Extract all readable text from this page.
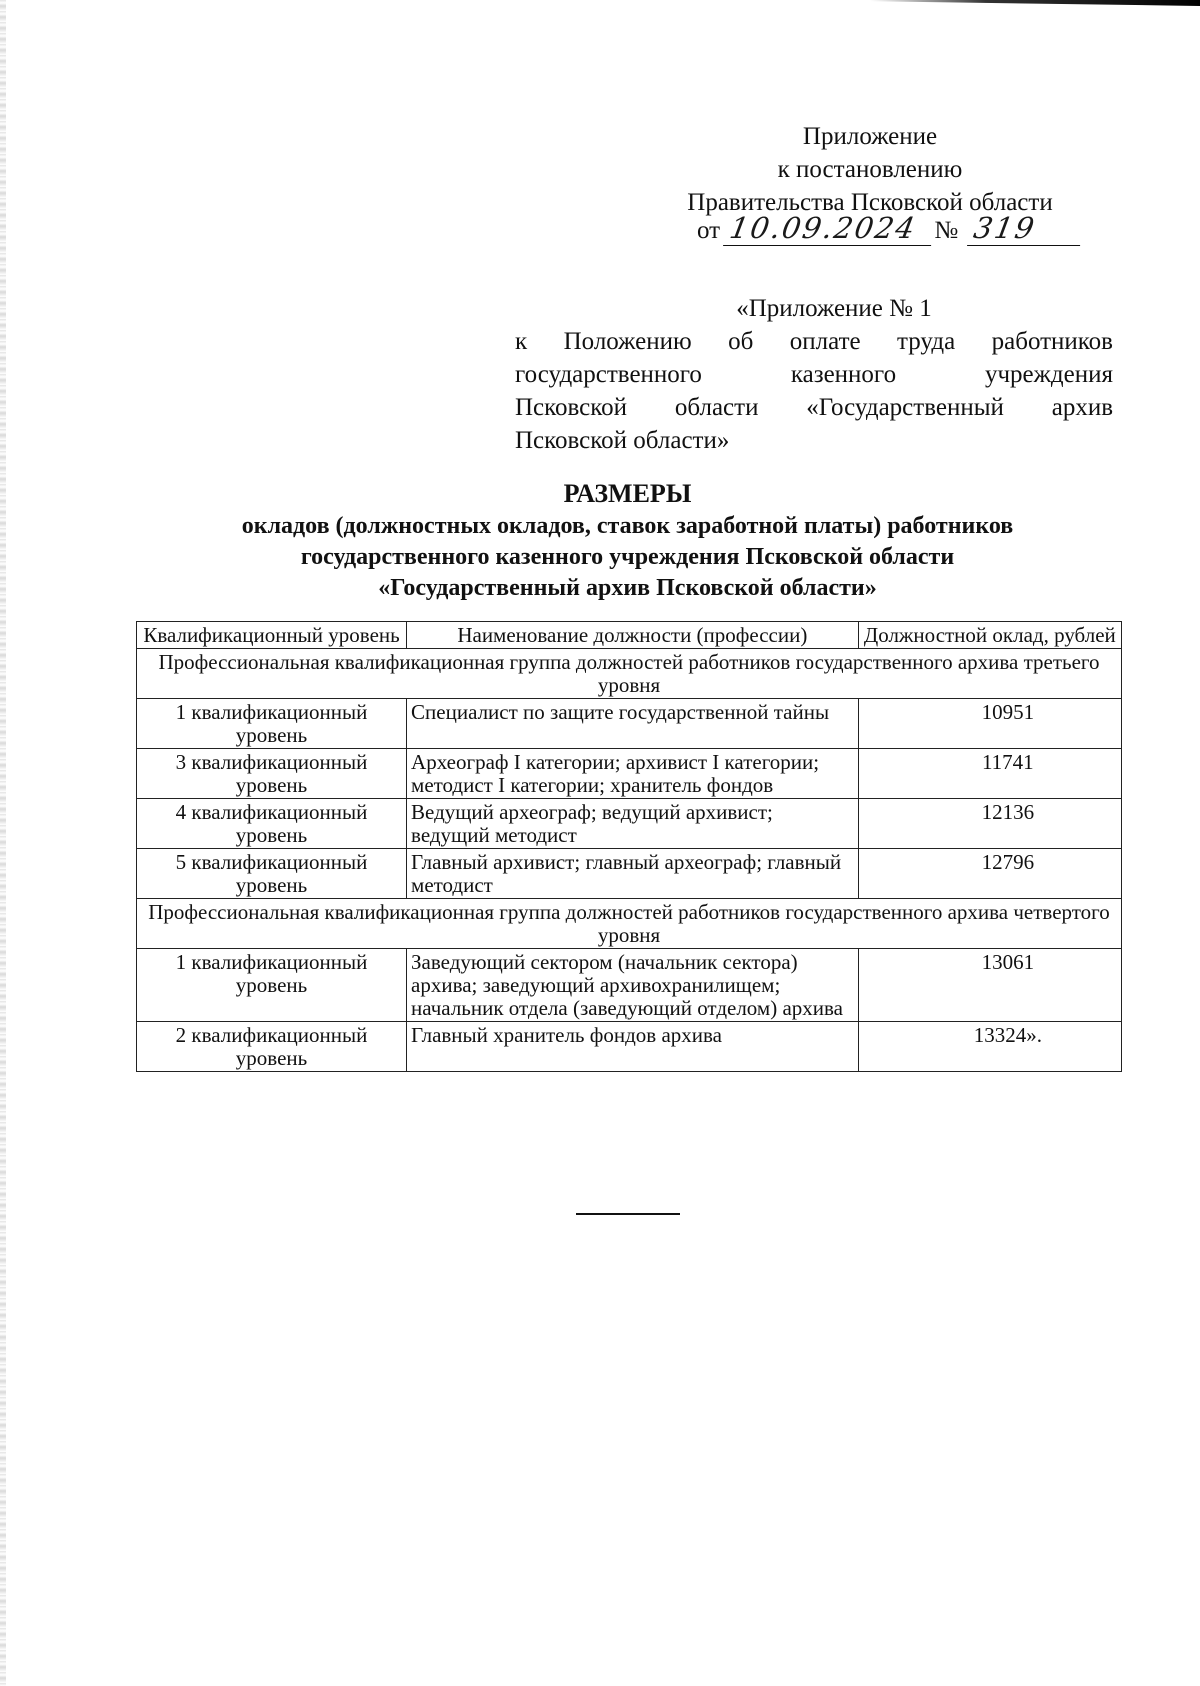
Приложение
к постановлению
Правительства Псковской области
от 10.09.2024 № 319
«Приложение № 1
к Положению об оплате труда работников
государственного	казенного	учреждения
Псковской области «Государственный архив
Псковской области»
РАЗМЕРЫ
окладов (должностных окладов, ставок заработной платы) работников
государственного казенного учреждения Псковской области
«Государственный архив Псковской области»
Квалификационный уровень	Наименование должности (профессии)	Должностной оклад, рублей
Профессиональная квалификационная группа должностей работников государственного архива третьего уровня		
1 квалификационный уровень	Специалист по защите государственной тайны	10951
3 квалификационный уровень	Археограф I категории; архивист I категории; методист I категории; хранитель фондов	11741
4 квалификационный уровень	Ведущий археограф; ведущий архивист; ведущий методист	12136
5 квалификационный уровень	Главный архивист; главный археограф; главный методист	12796
Профессиональная квалификационная группа должностей работников государственного архива четвертого уровня		
1 квалификационный уровень	Заведующий сектором (начальник сектора) архива; заведующий архивохранилищем; начальник отдела (заведующий отделом) архива	13061
2 квалификационный уровень	Главный хранитель фондов архива	13324».
